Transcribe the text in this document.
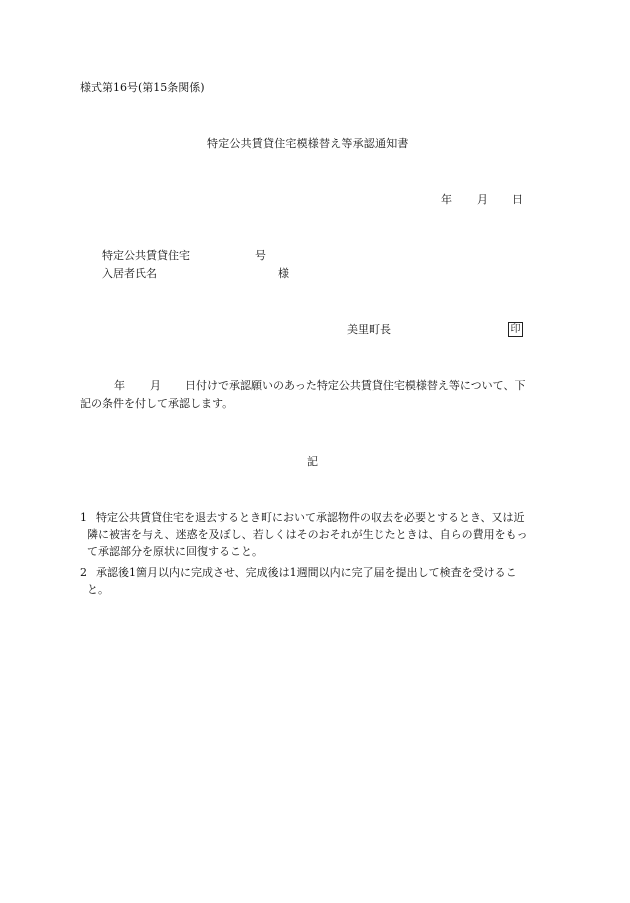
様式第16号(第15条関係)
特定公共賃貸住宅模様替え等承認通知書
年 月 日
特定公共賃貸住宅	号
入居者氏名	様
美里町長	印
年 月 日付けで承認願いのあった特定公共賃貸住宅模様替え等について、下
記の条件を付して承認します。
記
1 特定公共賃貸住宅を退去するとき町において承認物件の収去を必要とするとき、又は近
隣に被害を与え、迷惑を及ぼし、若しくはそのおそれが生じたときは、自らの費用をもっ
て承認部分を原状に回復すること。
2 承認後1箇月以内に完成させ、完成後は1週間以内に完了届を提出して検査を受けるこ
と。
